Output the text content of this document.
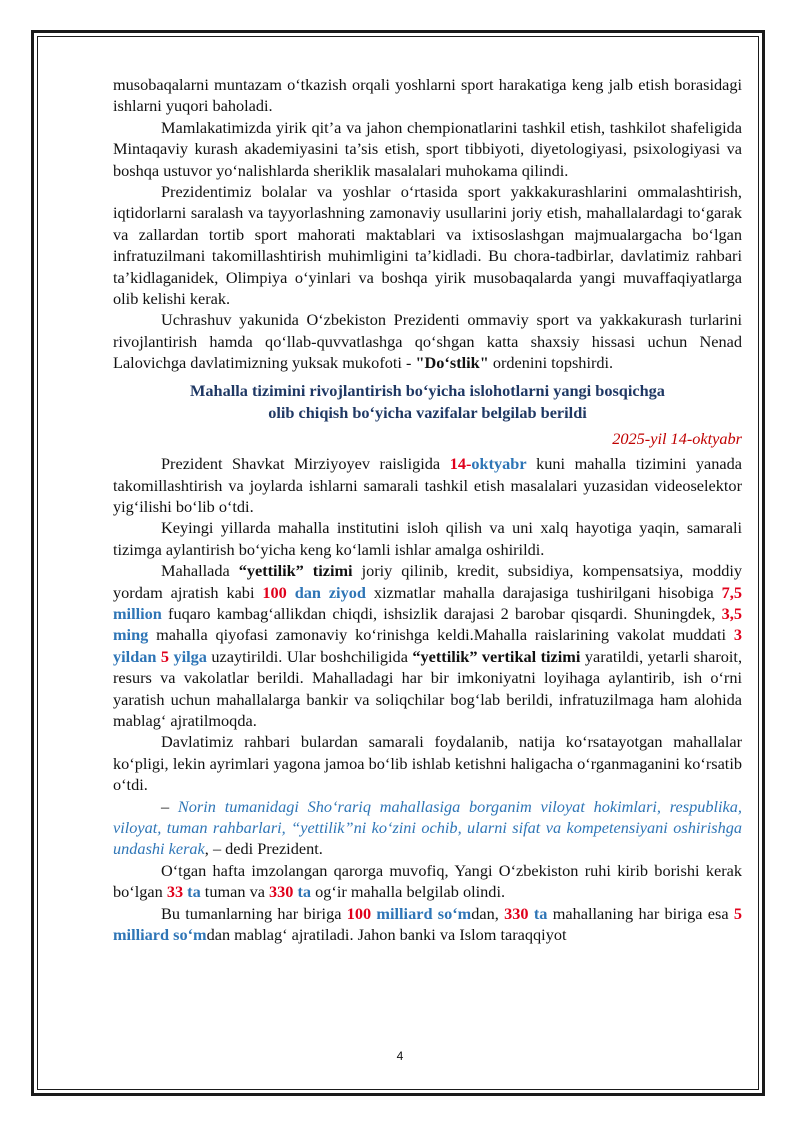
musobaqalarni muntazam o‘tkazish orqali yoshlarni sport harakatiga keng jalb etish borasidagi ishlarni yuqori baholadi.

Mamlakatimizda yirik qit’a va jahon chempionatlarini tashkil etish, tashkilot shafeligida Mintaqaviy kurash akademiyasini ta’sis etish, sport tibbiyoti, diyetologiyasi, psixologiyasi va boshqa ustuvor yo‘nalishlarda sheriklik masalalari muhokama qilindi.

Prezidentimiz bolalar va yoshlar o‘rtasida sport yakkakurashlarini ommalashtirish, iqtidorlarni saralash va tayyorlashning zamonaviy usullarini joriy etish, mahallalardagi to‘garak va zallardan tortib sport mahorati maktablari va ixtisoslashgan majmualargacha bo‘lgan infratuzilmani takomillashtirish muhimligini ta’kidladi. Bu chora-tadbirlar, davlatimiz rahbari ta’kidlaganidek, Olimpiya o‘yinlari va boshqa yirik musobaqalarda yangi muvaffaqiyatlarga olib kelishi kerak.

Uchrashuv yakunida O‘zbekiston Prezidenti ommaviy sport va yakkakurash turlarini rivojlantirish hamda qo‘llab-quvvatlashga qo‘shgan katta shaxsiy hissasi uchun Nenad Lalovichga davlatimizning yuksak mukofoti - "Do‘stlik" ordenini topshirdi.

Mahalla tizimini rivojlantirish bo‘yicha islohotlarni yangi bosqichga
olib chiqish bo‘yicha vazifalar belgilab berildi

2025-yil 14-oktyabr

Prezident Shavkat Mirziyoyev raisligida 14-oktyabr kuni mahalla tizimini yanada takomillashtirish va joylarda ishlarni samarali tashkil etish masalalari yuzasidan videoselektor yig‘ilishi bo‘lib o‘tdi.

Keyingi yillarda mahalla institutini isloh qilish va uni xalq hayotiga yaqin, samarali tizimga aylantirish bo‘yicha keng ko‘lamli ishlar amalga oshirildi.

Mahallada “yettilik” tizimi joriy qilinib, kredit, subsidiya, kompensatsiya, moddiy yordam ajratish kabi 100 dan ziyod xizmatlar mahalla darajasiga tushirilgani hisobiga 7,5 million fuqaro kambag‘allikdan chiqdi, ishsizlik darajasi 2 barobar qisqardi. Shuningdek, 3,5 ming mahalla qiyofasi zamonaviy ko‘rinishga keldi.Mahalla raislarining vakolat muddati 3 yildan 5 yilga uzaytirildi. Ular boshchiligida “yettilik” vertikal tizimi yaratildi, yetarli sharoit, resurs va vakolatlar berildi. Mahalladagi har bir imkoniyatni loyihaga aylantirib, ish o‘rni yaratish uchun mahallalarga bankir va soliqchilar bog‘lab berildi, infratuzilmaga ham alohida mablag‘ ajratilmoqda.

Davlatimiz rahbari bulardan samarali foydalanib, natija ko‘rsatayotgan mahallalar ko‘pligi, lekin ayrimlari yagona jamoa bo‘lib ishlab ketishni haligacha o‘rganmaganini ko‘rsatib o‘tdi.

– Norin tumanidagi Sho‘rariq mahallasiga borganim viloyat hokimlari, respublika, viloyat, tuman rahbarlari, “yettilik”ni ko‘zini ochib, ularni sifat va kompetensiyani oshirishga undashi kerak, – dedi Prezident.

O‘tgan hafta imzolangan qarorga muvofiq, Yangi O‘zbekiston ruhi kirib borishi kerak bo‘lgan 33 ta tuman va 330 ta og‘ir mahalla belgilab olindi.

Bu tumanlarning har biriga 100 milliard so‘mdan, 330 ta mahallaning har biriga esa 5 milliard so‘mdan mablag‘ ajratiladi. Jahon banki va Islom taraqqiyot

4
